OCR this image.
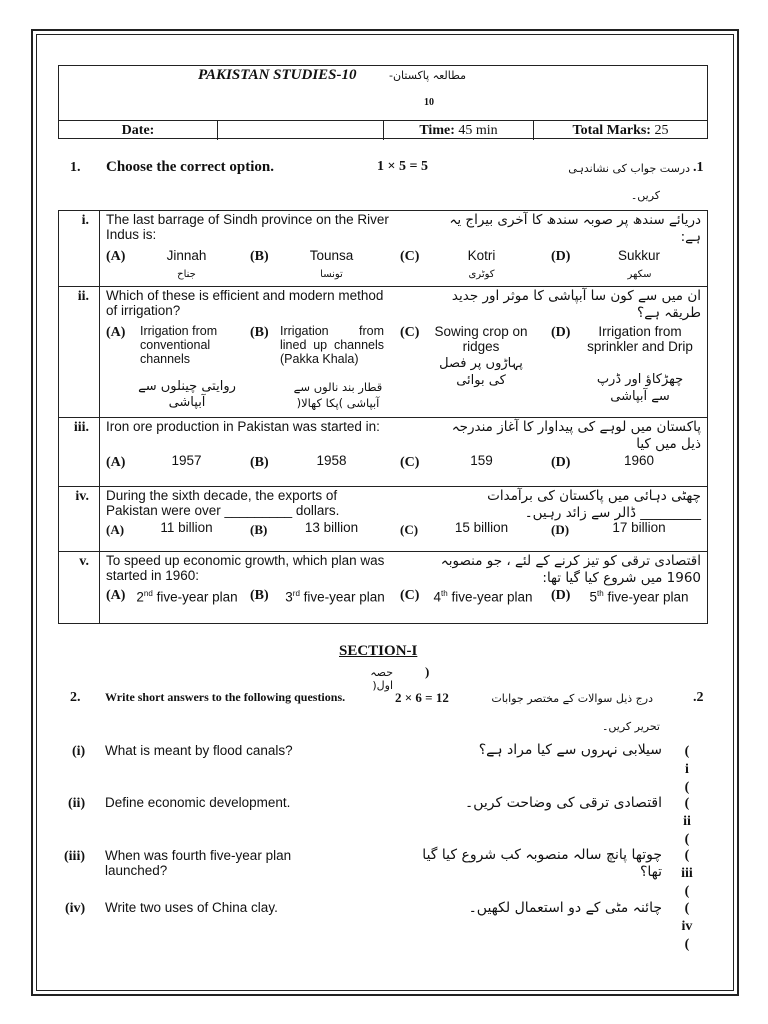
PAKISTAN STUDIES-10	مطالعہ پاکستان-
10
Date:	Time: 45 min	Total Marks: 25
1. Choose the correct option.	1 × 5 = 5	درست جواب کی نشاندہی .1
کریں۔
i. The last barrage of Sindh province on the River Indus is:
دریائے سندھ پر صوبہ سندھ کا آخری بیراج یہ ہے:
(A)	Jinnah
جناح
(B)	Tounsa
تونسا
(C)	Kotri
کوٹری
(D)	Sukkur
سکھر
ii. Which of these is efficient and modern method of irrigation?
ان میں سے کون سا آبپاشی کا موثر اور جدید طریقہ ہے؟
(A) Irrigation from conventional channels
روایتی چینلوں سے آبپاشی
(B) Irrigation from lined up channels (Pakka Khala)
قطار بند نالوں سے آبپاشی )پکا کھالا(
(C) Sowing crop on ridges
پہاڑوں پر فصل کی بوائی
(D)	Irrigation from sprinkler and Drip
چھڑکاؤ اور ڈرپ سے آبپاشی
iii. Iron ore production in Pakistan was started in:	پاکستان میں لوہے کی پیداوار کا آغاز مندرجہ ذیل میں کیا
(A)	1957	(B)	1958	(C)	159	(D)	1960
iv. During the sixth decade, the exports of Pakistan were over _________ dollars.
چھٹی دہائی میں پاکستان کی برآمدات _________ ڈالر سے زائد رہیں۔
(A)	11 billion	(B)	13 billion	(C)	15 billion	(D)	17 billion
v. To speed up economic growth, which plan was started in 1960:
اقتصادی ترقی کو تیز کرنے کے لئے ، جو منصوبہ 1960 میں شروع کیا گیا تھا:
(A) 2nd five-year plan (B)	3rd five-year plan	(C)	4th five-year plan	(D)	5th five-year plan
SECTION-I
حصہ اول(
)
2. Write short answers to the following questions.	2 × 6 = 12	درج ذیل سوالات کے مختصر جوابات	.2
تحریر کریں۔
(i) What is meant by flood canals?	سیلابی نہروں سے کیا مراد ہے؟	(
i
(
(ii) Define economic development.	اقتصادی ترقی کی وضاحت کریں۔	(
ii
(
(iii) When was fourth five-year plan launched?
چوتھا پانچ سالہ منصوبہ کب شروع کیا گیا تھا؟
(
iii
(
(iv) Write two uses of China clay.	چائنہ مٹی کے دو استعمال لکھیں۔	(
iv
(
